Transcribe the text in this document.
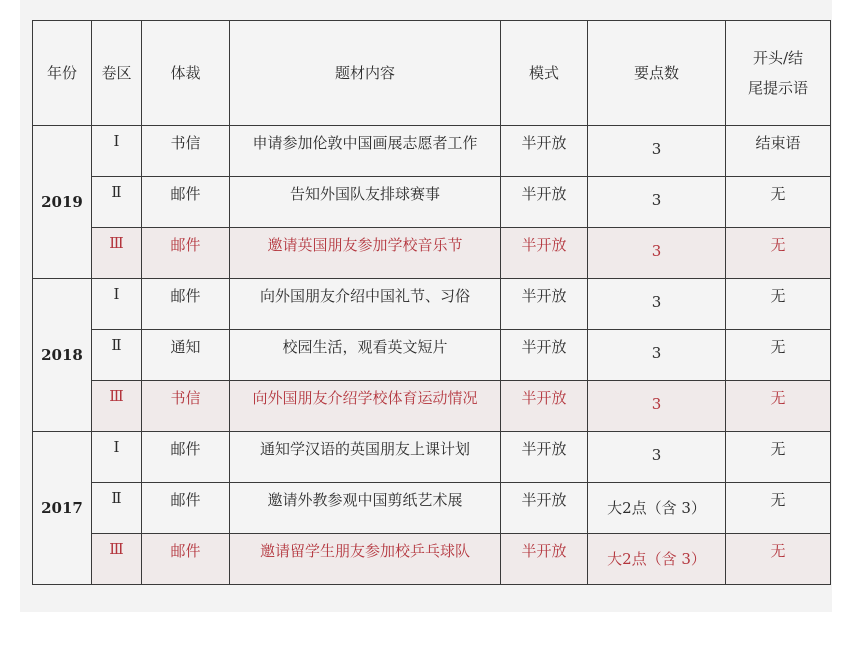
年份	卷区	体裁	题材内容	模式	要点数	开头/结
尾提示语

2019	Ⅰ	书信	申请参加伦敦中国画展志愿者工作	半开放	3	结束语
	Ⅱ	邮件	告知外国队友排球赛事	半开放	3	无
	Ⅲ	邮件	邀请英国朋友参加学校音乐节	半开放	3	无
2018	Ⅰ	邮件	向外国朋友介绍中国礼节、习俗	半开放	3	无
	Ⅱ	通知	校园生活，观看英文短片	半开放	3	无
	Ⅲ	书信	向外国朋友介绍学校体育运动情况	半开放	3	无
2017	Ⅰ	邮件	通知学汉语的英国朋友上课计划	半开放	3	无
	Ⅱ	邮件	邀请外教参观中国剪纸艺术展	半开放	大2点（含 3）	无
	Ⅲ	邮件	邀请留学生朋友参加校乒乓球队	半开放	大2点（含 3）	无
